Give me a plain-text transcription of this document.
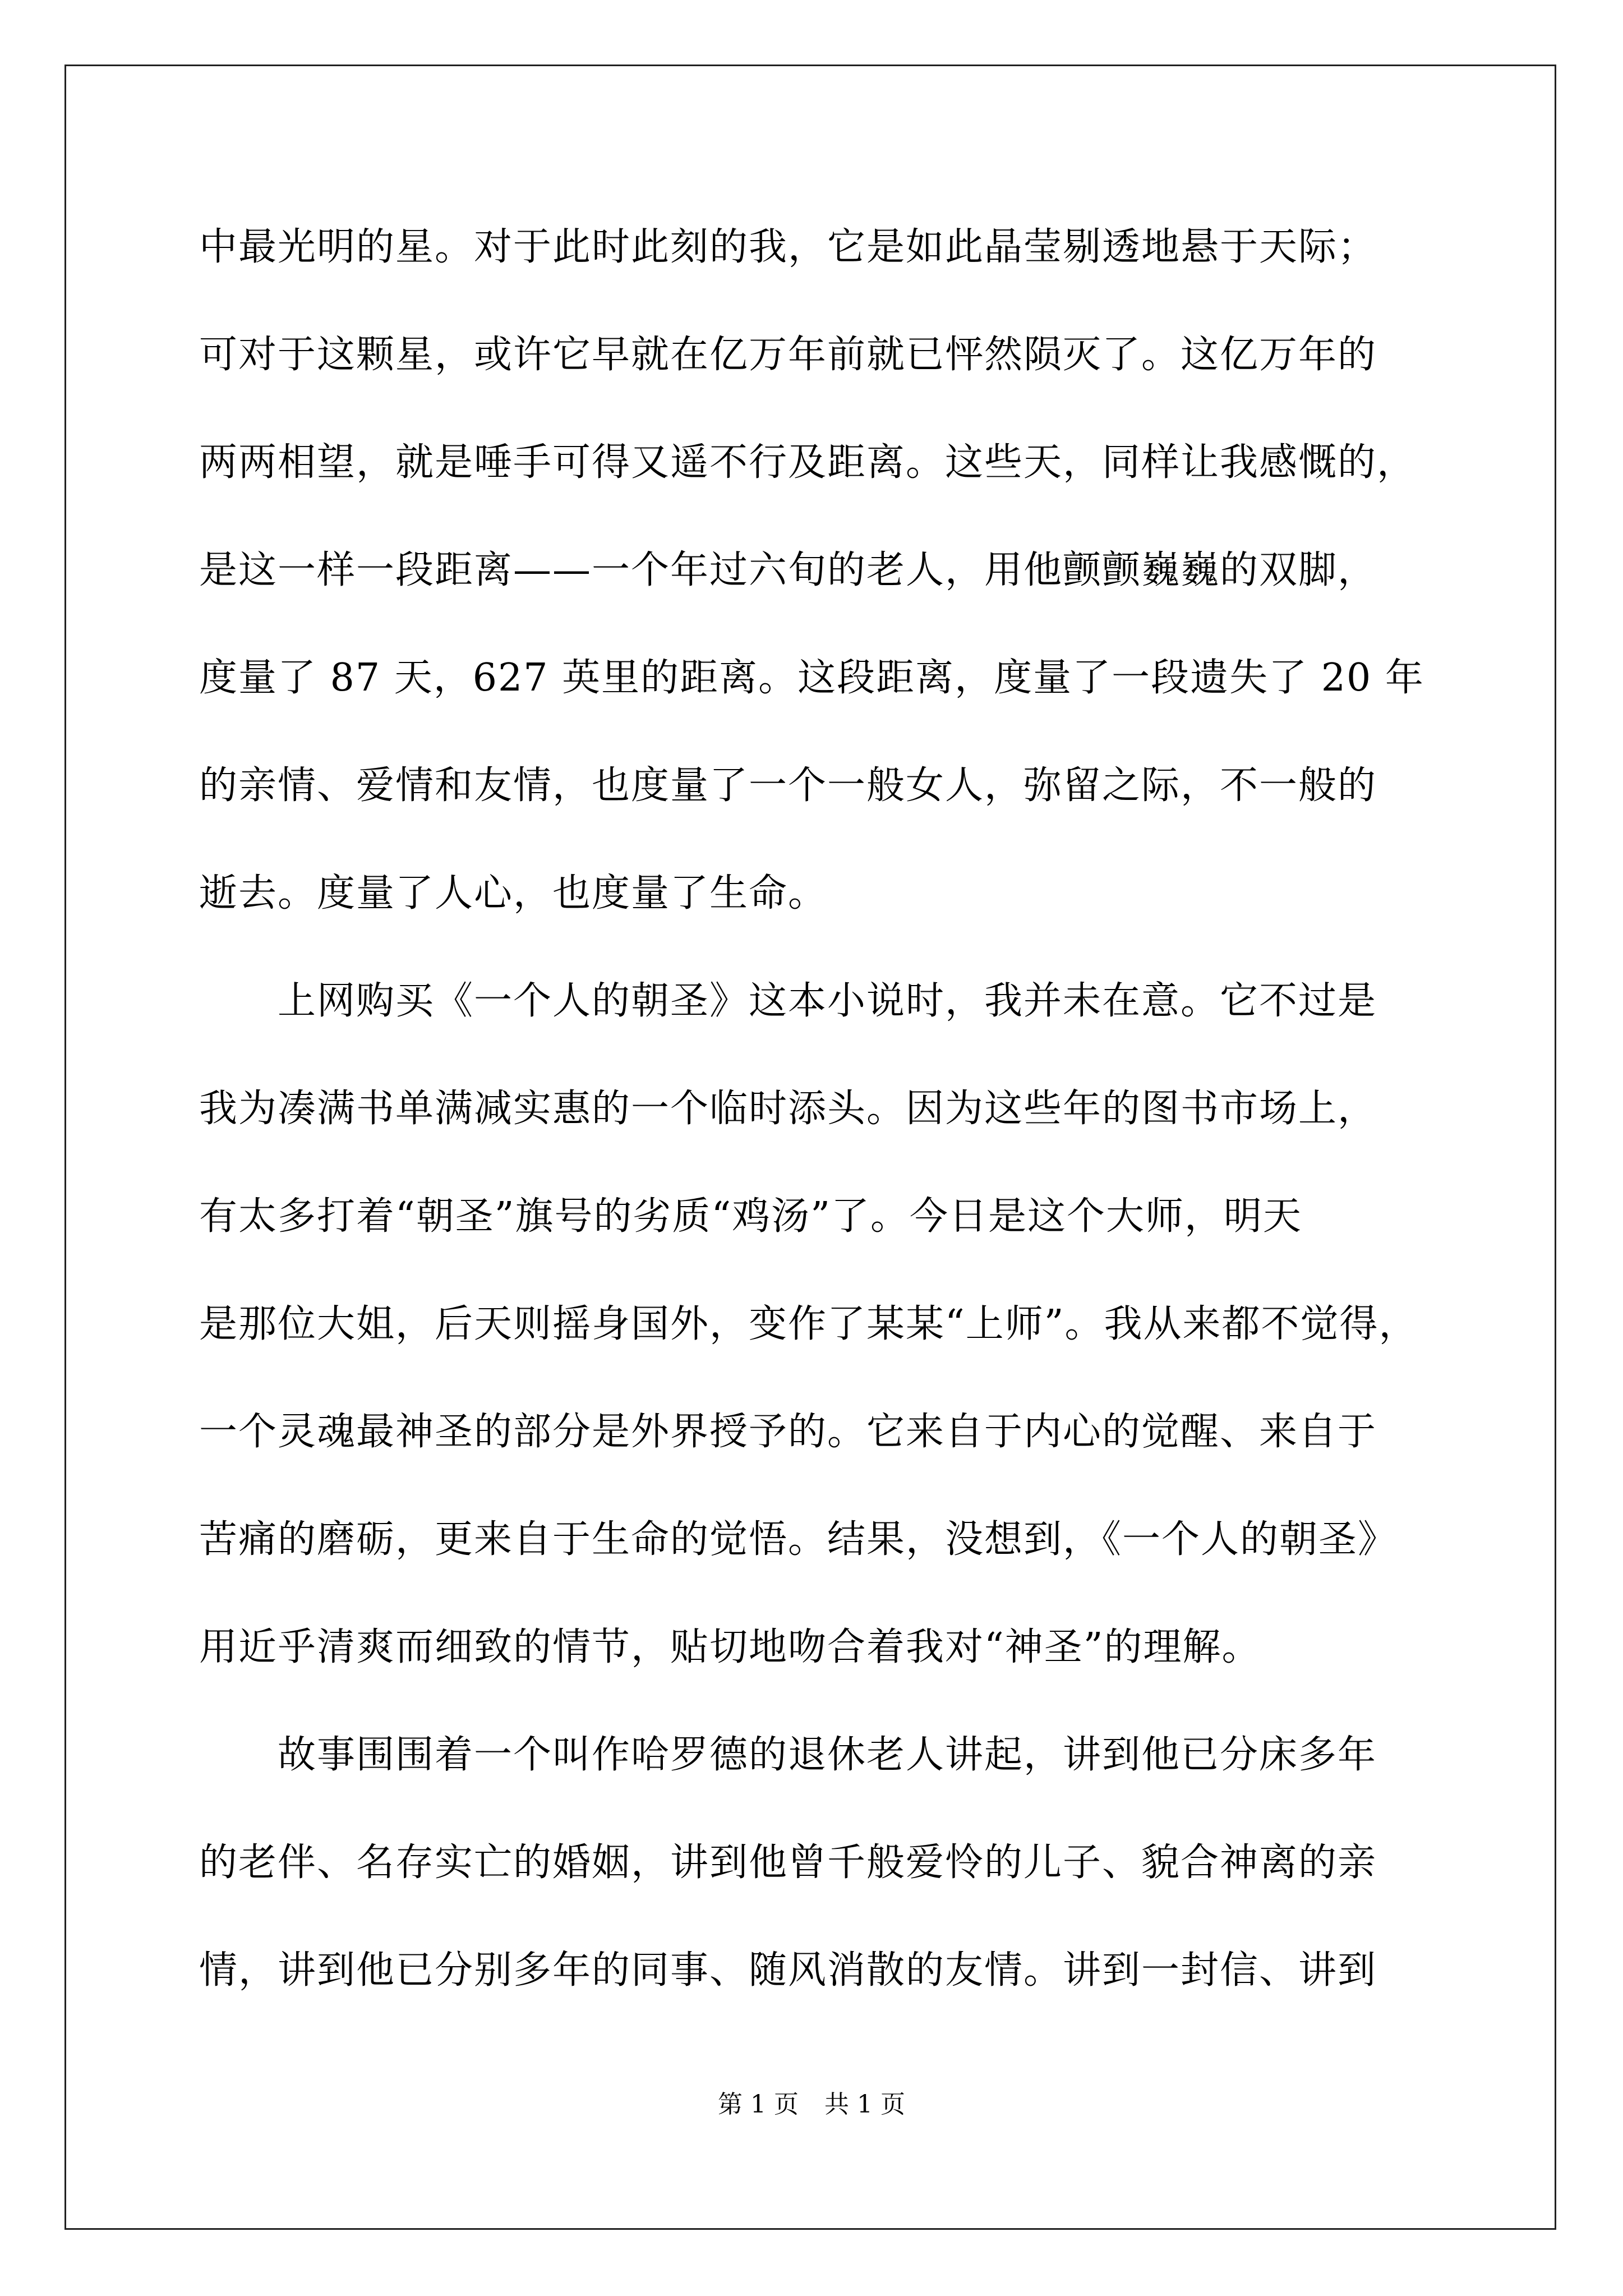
中最光明的星。对于此时此刻的我，它是如此晶莹剔透地悬于天际；
可对于这颗星，或许它早就在亿万年前就已怦然陨灭了。这亿万年的
两两相望，就是唾手可得又遥不行及距离。这些天，同样让我感慨的，
是这一样一段距离——一个年过六旬的老人，用他颤颤巍巍的双脚，
度量了 87 天，627 英里的距离。这段距离，度量了一段遗失了 20 年
的亲情、爱情和友情，也度量了一个一般女人，弥留之际，不一般的
逝去。度量了人心，也度量了生命。
　　上网购买《一个人的朝圣》这本小说时，我并未在意。它不过是
我为凑满书单满减实惠的一个临时添头。因为这些年的图书市场上，
有太多打着“朝圣”旗号的劣质“鸡汤”了。今日是这个大师，明天
是那位大姐，后天则摇身国外，变作了某某“上师”。我从来都不觉得，
一个灵魂最神圣的部分是外界授予的。它来自于内心的觉醒、来自于
苦痛的磨砺，更来自于生命的觉悟。结果，没想到，《一个人的朝圣》
用近乎清爽而细致的情节，贴切地吻合着我对“神圣”的理解。
　　故事围围着一个叫作哈罗德的退休老人讲起，讲到他已分床多年
的老伴、名存实亡的婚姻，讲到他曾千般爱怜的儿子、貌合神离的亲
情，讲到他已分别多年的同事、随风消散的友情。讲到一封信、讲到
第 1 页 共 1 页
